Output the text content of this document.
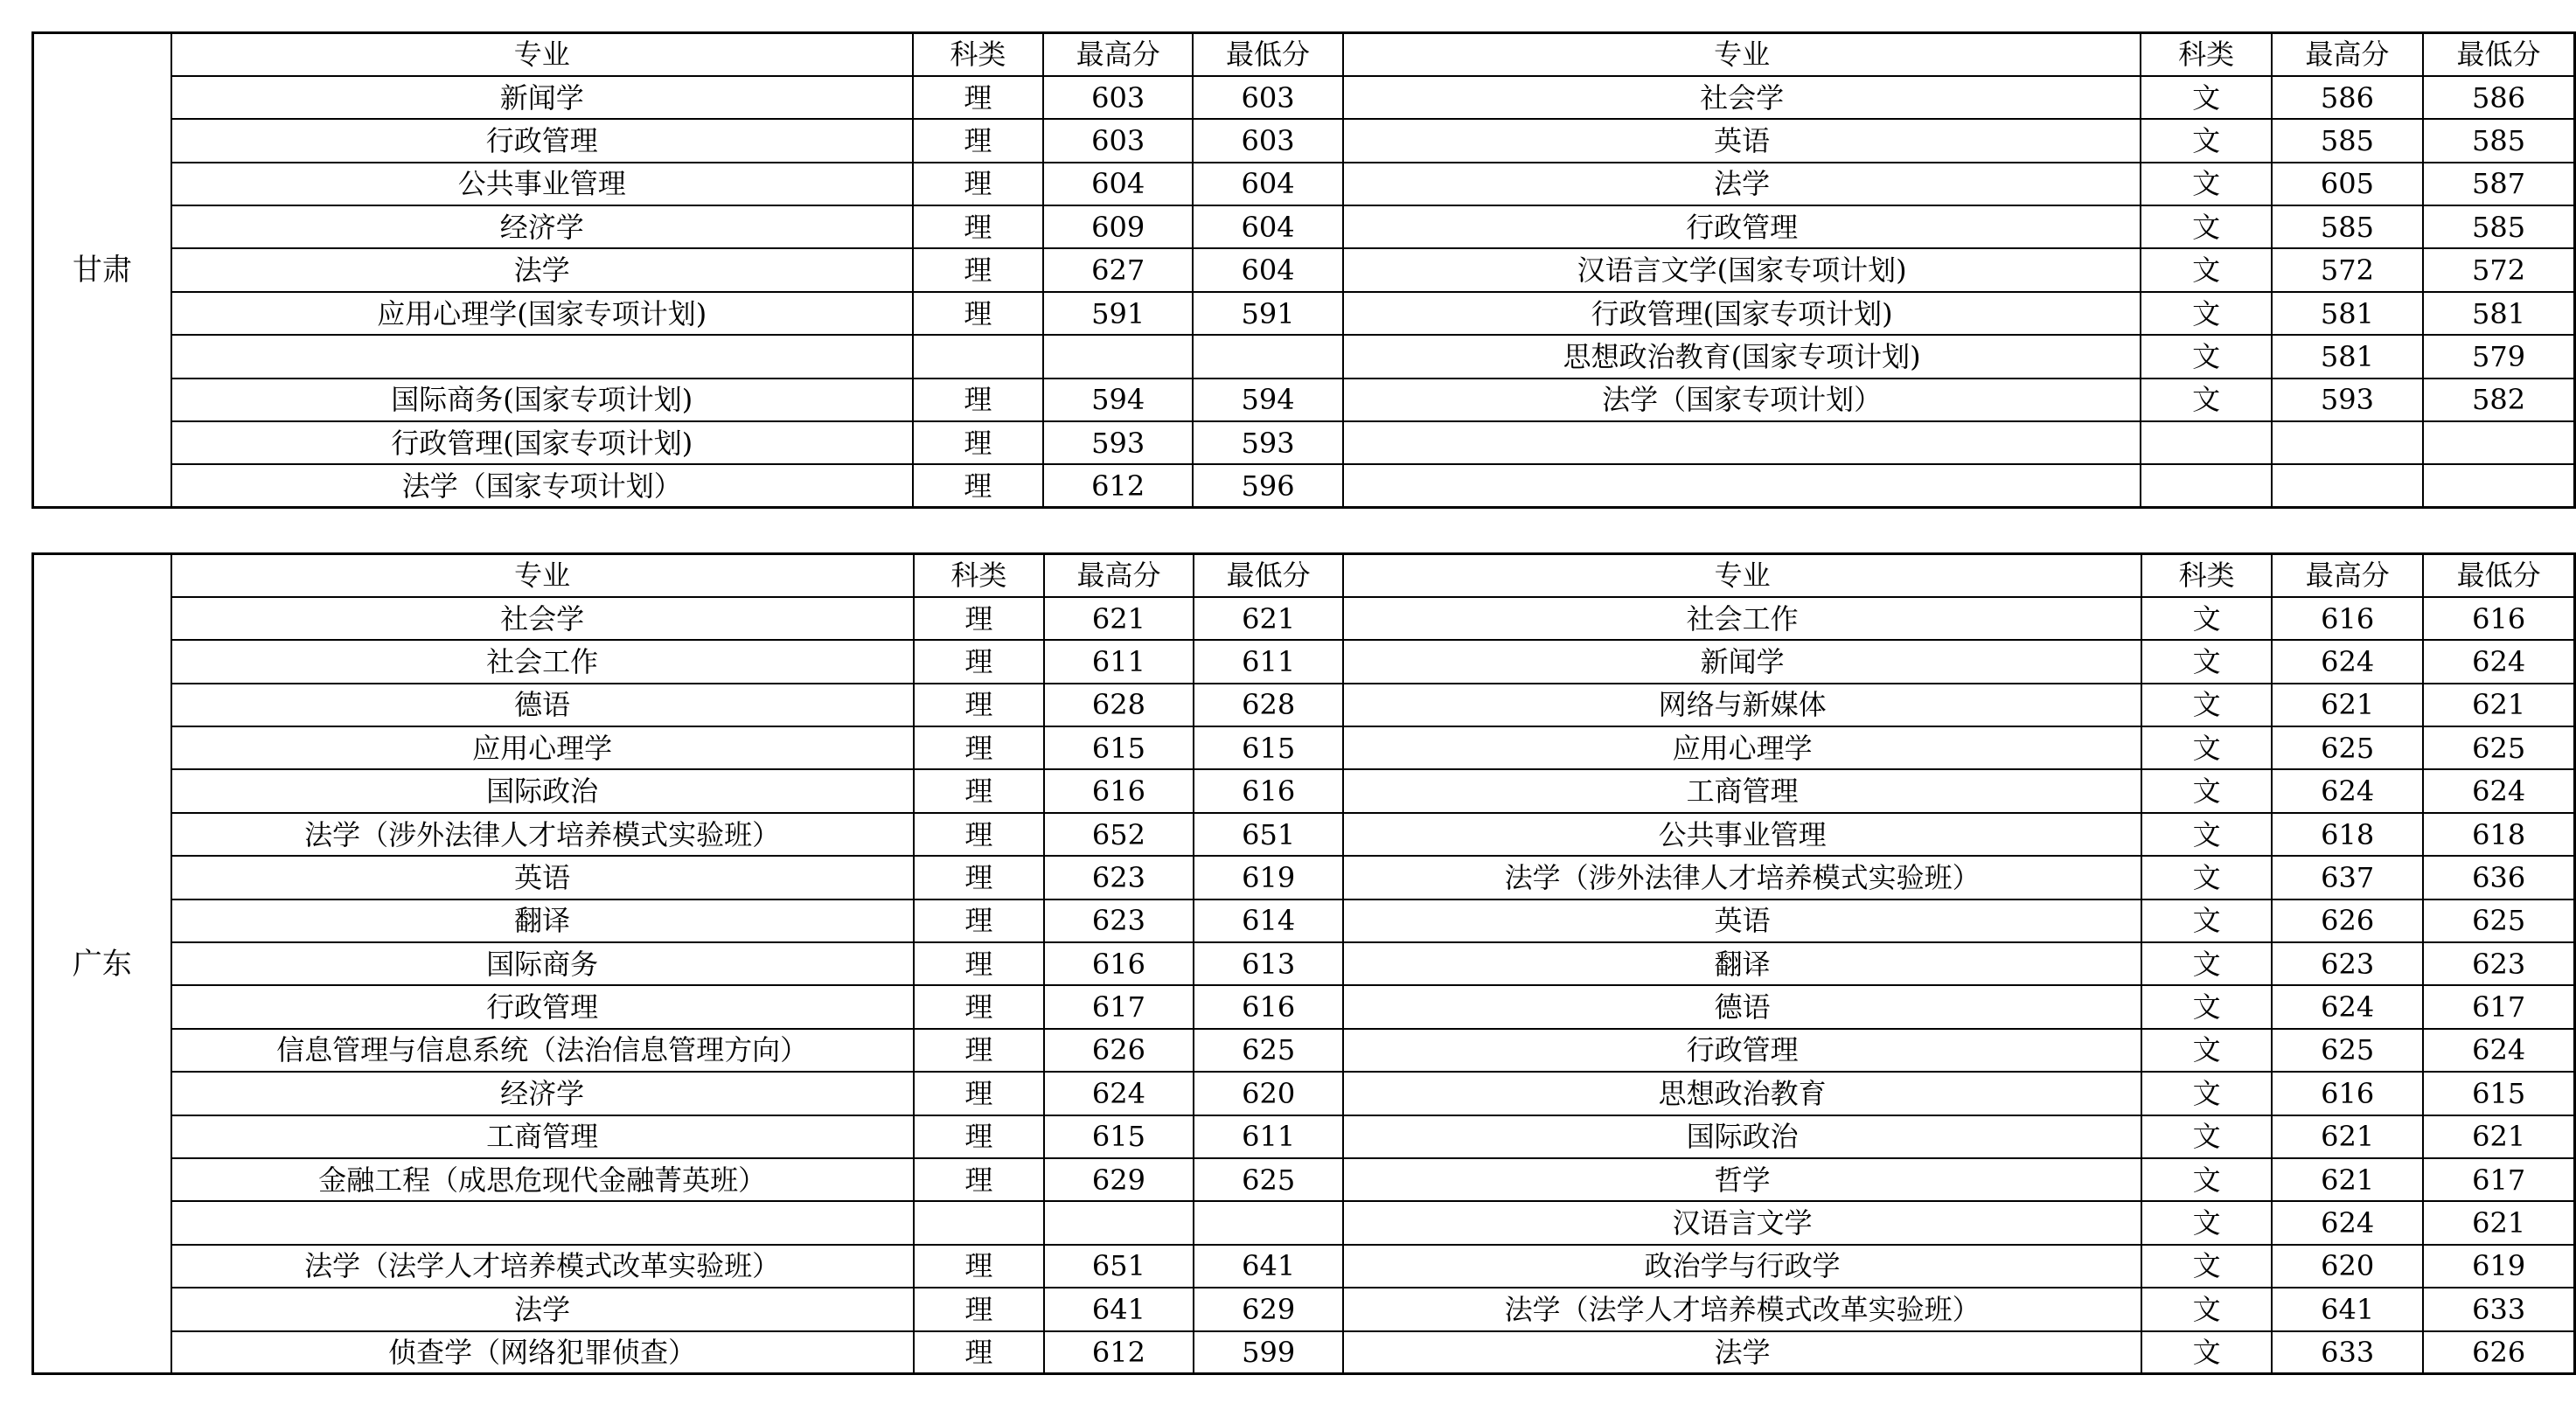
甘肃	专业	科类	最高分	最低分	专业	科类	最高分	最低分
	新闻学	理	603	603	社会学	文	586	586
	行政管理	理	603	603	英语	文	585	585
	公共事业管理	理	604	604	法学	文	605	587
	经济学	理	609	604	行政管理	文	585	585
	法学	理	627	604	汉语言文学(国家专项计划)	文	572	572
	应用心理学(国家专项计划)	理	591	591	行政管理(国家专项计划)	文	581	581
					思想政治教育(国家专项计划)	文	581	579
	国际商务(国家专项计划)	理	594	594	法学（国家专项计划）	文	593	582
	行政管理(国家专项计划)	理	593	593				
	法学（国家专项计划）	理	612	596				
广东	专业	科类	最高分	最低分	专业	科类	最高分	最低分
	社会学	理	621	621	社会工作	文	616	616
	社会工作	理	611	611	新闻学	文	624	624
	德语	理	628	628	网络与新媒体	文	621	621
	应用心理学	理	615	615	应用心理学	文	625	625
	国际政治	理	616	616	工商管理	文	624	624
	法学（涉外法律人才培养模式实验班）	理	652	651	公共事业管理	文	618	618
	英语	理	623	619	法学（涉外法律人才培养模式实验班）	文	637	636
	翻译	理	623	614	英语	文	626	625
	国际商务	理	616	613	翻译	文	623	623
	行政管理	理	617	616	德语	文	624	617
	信息管理与信息系统（法治信息管理方向）	理	626	625	行政管理	文	625	624
	经济学	理	624	620	思想政治教育	文	616	615
	工商管理	理	615	611	国际政治	文	621	621
	金融工程（成思危现代金融菁英班）	理	629	625	哲学	文	621	617
					汉语言文学	文	624	621
	法学（法学人才培养模式改革实验班）	理	651	641	政治学与行政学	文	620	619
	法学	理	641	629	法学（法学人才培养模式改革实验班）	文	641	633
	侦查学（网络犯罪侦查）	理	612	599	法学	文	633	626
